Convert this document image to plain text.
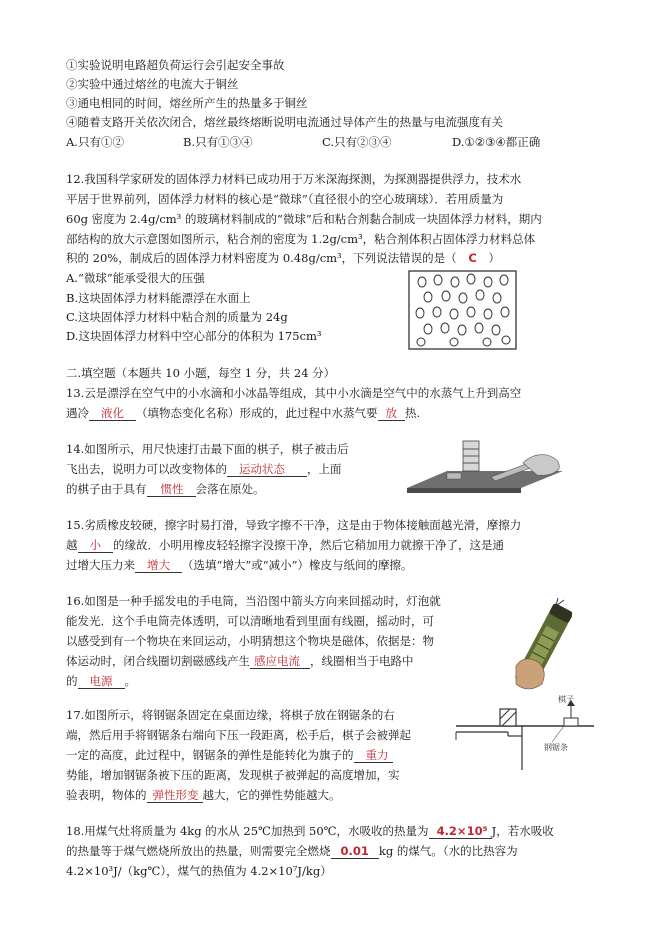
①实验说明电路超负荷运行会引起安全事故
②实验中通过熔丝的电流大于铜丝
③通电相同的时间，熔丝所产生的热量多于铜丝
④随着支路开关依次闭合，熔丝最终熔断说明电流通过导体产生的热量与电流强度有关
A.只有①②	B.只有①③④	C.只有②③④	D.①②③④都正确
12.我国科学家研发的固体浮力材料已成功用于万米深海探测，为探测器提供浮力，技术水
平居于世界前列，固体浮力材料的核心是“微球”（直径很小的空心玻璃球）．若用质量为
60g 密度为 2.4g/cm³ 的玻璃材料制成的“微球”后和粘合剂黏合制成一块固体浮力材料，期内
部结构的放大示意图如图所示，粘合剂的密度为 1.2g/cm³，粘合剂体积占固体浮力材料总体
积的 20%，制成后的固体浮力材料密度为 0.48g/cm³，下列说法错误的是（ C ）
A.“微球”能承受很大的压强
B.这块固体浮力材料能漂浮在水面上
C.这块固体浮力材料中粘合剂的质量为 24g
D.这块固体浮力材料中空心部分的体积为 175cm³
二.填空题（本题共 10 小题，每空 1 分，共 24 分）
13.云是漂浮在空气中的小水滴和小冰晶等组成，其中小水滴是空气中的水蒸气上升到高空
遇冷 液化 （填物态变化名称）形成的，此过程中水蒸气要 放 热.
14.如图所示，用尺快速打击最下面的棋子，棋子被击后
飞出去，说明力可以改变物体的 运动状态 ，上面
的棋子由于具有 惯性 会落在原处。
15.劣质橡皮较硬，擦字时易打滑，导致字擦不干净，这是由于物体接触面越光滑，摩擦力
越 小 的缘故．小明用橡皮轻轻擦字没擦干净，然后它稍加用力就擦干净了，这是通
过增大压力来 增大 （选填“增大”或“减小”）橡皮与纸间的摩擦。
16.如图是一种手摇发电的手电筒，当沿图中箭头方向来回摇动时，灯泡就
能发光．这个手电筒壳体透明，可以清晰地看到里面有线圈，摇动时，可
以感受到有一个物块在来回运动，小明猜想这个物块是磁体，依据是：物
体运动时，闭合线圈切割磁感线产生 感应电流 ，线圈相当于电路中
的 电源 。
17.如图所示，将钢锯条固定在桌面边缘，将棋子放在钢锯条的右
端，然后用手将钢锯条右端向下压一段距离，松手后，棋子会被弹起
一定的高度，此过程中，钢锯条的弹性是能转化为旗子的 重力
势能，增加钢锯条被下压的距离，发现棋子被弹起的高度增加，实
验表明，物体的 弹性形变 越大，它的弹性势能越大。
棋子
钢锯条
18.用煤气灶将质量为 4kg 的水从 25℃加热到 50℃，水吸收的热量为 4.2×10⁵ J，若水吸收
的热量等于煤气燃烧所放出的热量，则需要完全燃烧 0.01 kg 的煤气。（水的比热容为
4.2×10³J/（kg℃），煤气的热值为 4.2×10⁷J/kg）
